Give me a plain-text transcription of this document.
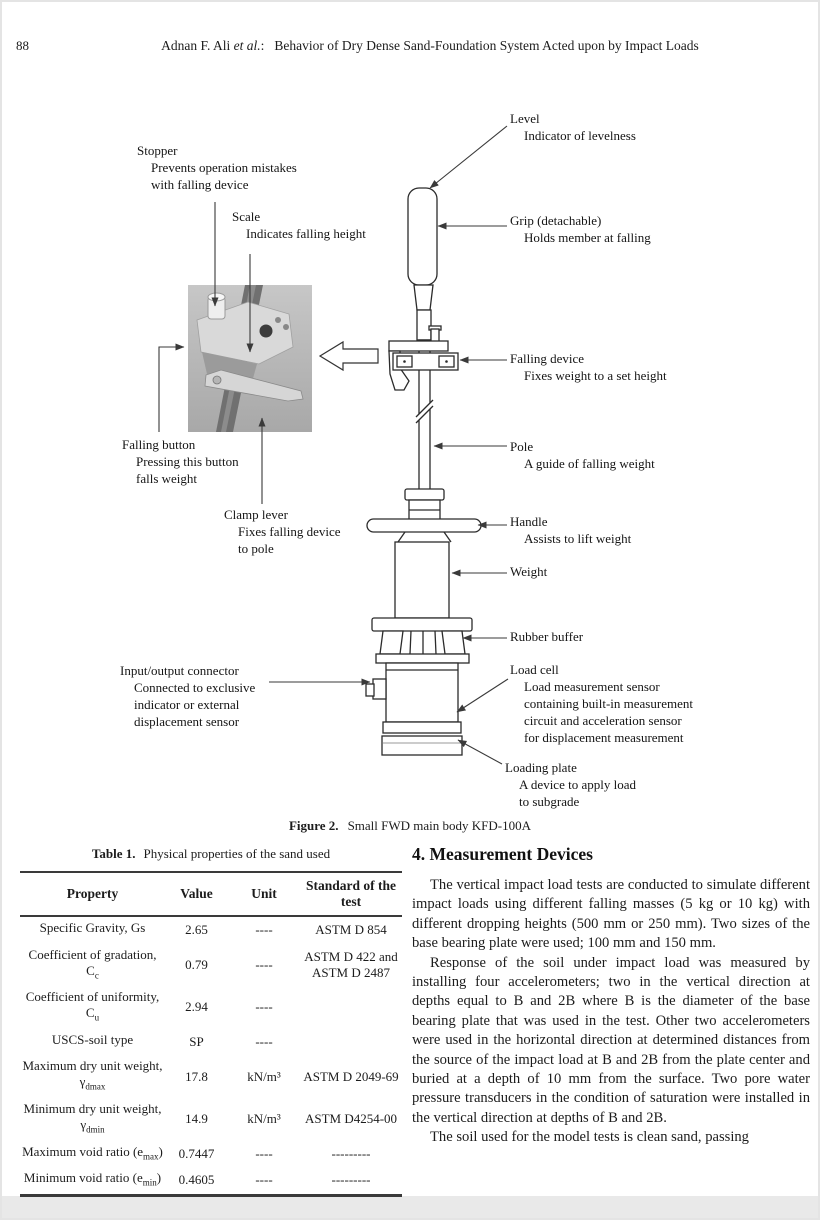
88	Adnan F. Ali et al.: Behavior of Dry Dense Sand-Foundation System Acted upon by Impact Loads
Stopper
Prevents operation mistakes
with falling device
Scale
Indicates falling height
Level
Indicator of levelness
Grip (detachable)
Holds member at falling
Falling device
Fixes weight to a set height
Pole
A guide of falling weight
Handle
Assists to lift weight
Weight
Rubber buffer
Load cell
Load measurement sensor
containing built-in measurement
circuit and acceleration sensor
for displacement measurement
Loading plate
A device to apply load
to subgrade
Falling button
Pressing this button
falls weight
Clamp lever
Fixes falling device
to pole
Input/output connector
Connected to exclusive
indicator or external
displacement sensor
Figure 2. Small FWD main body KFD-100A
Table 1. Physical properties of the sand used
Property	Value	Unit	Standard of the test
Specific Gravity, Gs	2.65	----	ASTM D 854
Coefficient of gradation, $C_c$	0.79	----	ASTM D 422 and ASTM D 2487
Coefficient of uniformity, $C_u$	2.94	----	
USCS-soil type	SP	----	
Maximum dry unit weight, $\gamma_{dmax}$	17.8	kN/m³	ASTM D 2049-69
Minimum dry unit weight, $\gamma_{dmin}$	14.9	kN/m³	ASTM D4254-00
Maximum void ratio $(e_{max})$	0.7447	----	---------
Minimum void ratio $(e_{min})$	0.4605	----	---------
4. Measurement Devices

The vertical impact load tests are conducted to simulate different impact loads using different falling masses (5 kg or 10 kg) with different dropping heights (500 mm or 250 mm). Two sizes of the base bearing plate were used; 100 mm and 150 mm.

Response of the soil under impact load was measured by installing four accelerometers; two in the vertical direction at depths equal to B and 2B where B is the diameter of the base bearing plate that was used in the test. Other two accelerometers were used in the horizontal direction at determined distances from the source of the impact load at B and 2B from the plate center and buried at a depth of 10 mm from the surface. Two pore water pressure transducers in the condition of saturation were installed in the vertical direction at depths of B and 2B.

The soil used for the model tests is clean sand, passing
